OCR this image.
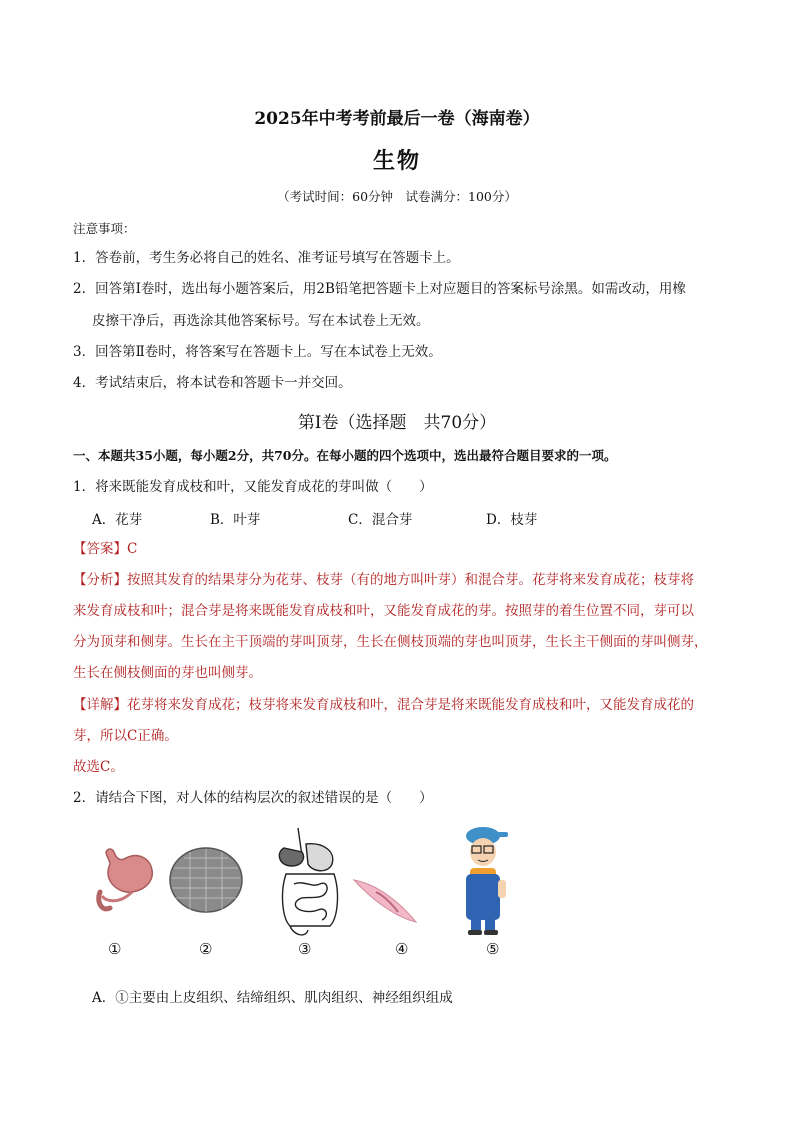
2025年中考考前最后一卷（海南卷）
生物
（考试时间：60分钟　试卷满分：100分）
注意事项：
1．答卷前，考生务必将自己的姓名、准考证号填写在答题卡上。
2．回答第Ⅰ卷时，选出每小题答案后，用2B铅笔把答题卡上对应题目的答案标号涂黑。如需改动，用橡
皮擦干净后，再选涂其他答案标号。写在本试卷上无效。
3．回答第Ⅱ卷时，将答案写在答题卡上。写在本试卷上无效。
4．考试结束后，将本试卷和答题卡一并交回。
第Ⅰ卷（选择题　共70分）
一、本题共35小题，每小题2分，共70分。在每小题的四个选项中，选出最符合题目要求的一项。
1．将来既能发育成枝和叶，又能发育成花的芽叫做（　　）
A．花芽	B．叶芽	C．混合芽	D．枝芽
【答案】C
【分析】按照其发育的结果芽分为花芽、枝芽（有的地方叫叶芽）和混合芽。花芽将来发育成花；枝芽将
来发育成枝和叶；混合芽是将来既能发育成枝和叶，又能发育成花的芽。按照芽的着生位置不同，芽可以
分为顶芽和侧芽。生长在主干顶端的芽叫顶芽，生长在侧枝顶端的芽也叫顶芽，生长主干侧面的芽叫侧芽，
生长在侧枝侧面的芽也叫侧芽。
【详解】花芽将来发育成花；枝芽将来发育成枝和叶，混合芽是将来既能发育成枝和叶，又能发育成花的
芽，所以C正确。
故选C。
2．请结合下图，对人体的结构层次的叙述错误的是（　　）
①	②	③	④	⑤
A．①主要由上皮组织、结缔组织、肌肉组织、神经组织组成
